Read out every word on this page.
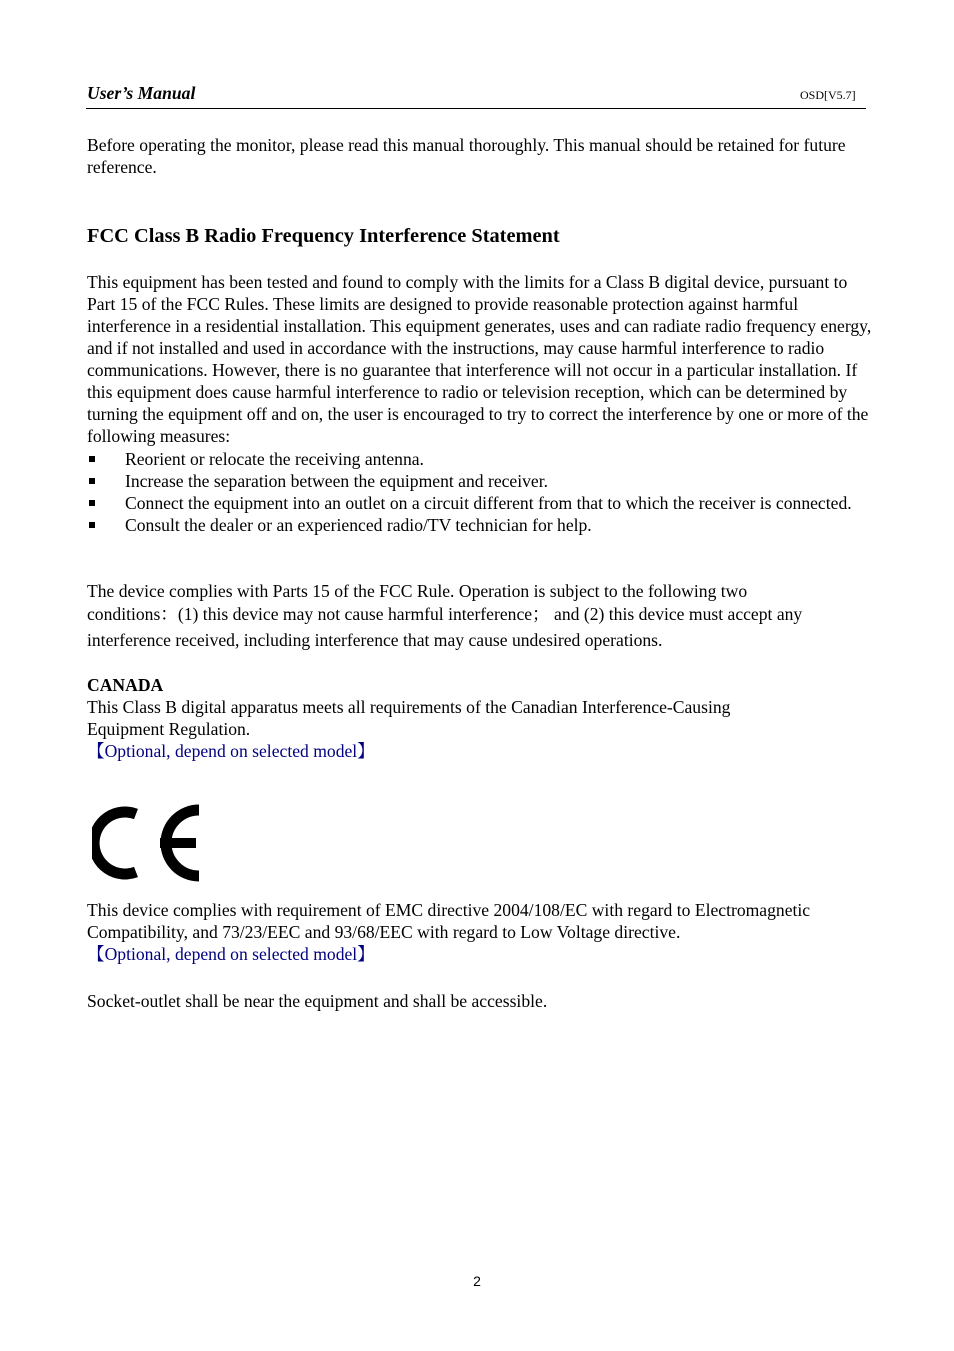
User’s Manual	OSD[V5.7]

Before operating the monitor, please read this manual thoroughly. This manual should be retained for future reference.

FCC Class B Radio Frequency Interference Statement

This equipment has been tested and found to comply with the limits for a Class B digital device, pursuant to Part 15 of the FCC Rules. These limits are designed to provide reasonable protection against harmful interference in a residential installation. This equipment generates, uses and can radiate radio frequency energy, and if not installed and used in accordance with the instructions, may cause harmful interference to radio communications. However, there is no guarantee that interference will not occur in a particular installation. If this equipment does cause harmful interference to radio or television reception, which can be determined by turning the equipment off and on, the user is encouraged to try to correct the interference by one or more of the following measures:

Reorient or relocate the receiving antenna.
Increase the separation between the equipment and receiver.
Connect the equipment into an outlet on a circuit different from that to which the receiver is connected.
Consult the dealer or an experienced radio/TV technician for help.
The device complies with Parts 15 of the FCC Rule. Operation is subject to the following two
conditions：(1) this device may not cause harmful interference； and (2) this device must accept any
interference received, including interference that may cause undesired operations.
CANADA

This Class B digital apparatus meets all requirements of the Canadian Interference-Causing Equipment Regulation.

【Optional, depend on selected model】

This device complies with requirement of EMC directive 2004/108/EC with regard to Electromagnetic Compatibility, and 73/23/EEC and 93/68/EEC with regard to Low Voltage directive.

【Optional, depend on selected model】

Socket-outlet shall be near the equipment and shall be accessible.

2
